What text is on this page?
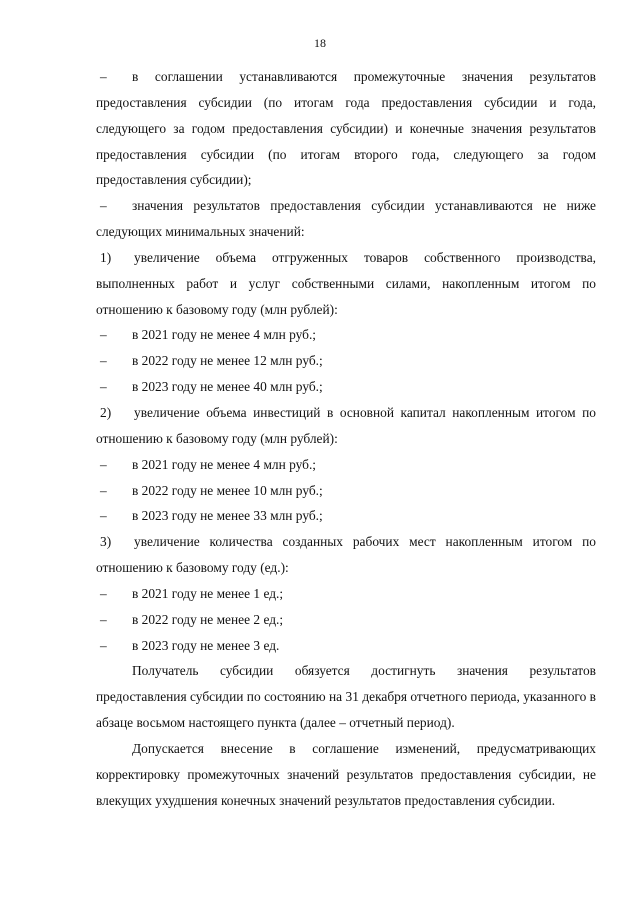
18

– в соглашении устанавливаются промежуточные значения результатов предоставления субсидии (по итогам года предоставления субсидии и года, следующего за годом предоставления субсидии) и конечные значения результатов предоставления субсидии (по итогам второго года, следующего за годом предоставления субсидии);

– значения результатов предоставления субсидии устанавливаются не ниже следующих минимальных значений:

1) увеличение объема отгруженных товаров собственного производства, выполненных работ и услуг собственными силами, накопленным итогом по отношению к базовому году (млн рублей):

– в 2021 году не менее 4 млн руб.;

– в 2022 году не менее 12 млн руб.;

– в 2023 году не менее 40 млн руб.;

2) увеличение объема инвестиций в основной капитал накопленным итогом по отношению к базовому году (млн рублей):

– в 2021 году не менее 4 млн руб.;

– в 2022 году не менее 10 млн руб.;

– в 2023 году не менее 33 млн руб.;

3) увеличение количества созданных рабочих мест накопленным итогом по отношению к базовому году (ед.):

– в 2021 году не менее 1 ед.;

– в 2022 году не менее 2 ед.;

– в 2023 году не менее 3 ед.

Получатель субсидии обязуется достигнуть значения результатов предоставления субсидии по состоянию на 31 декабря отчетного периода, указанного в абзаце восьмом настоящего пункта (далее – отчетный период).

Допускается внесение в соглашение изменений, предусматривающих корректировку промежуточных значений результатов предоставления субсидии, не влекущих ухудшения конечных значений результатов предоставления субсидии.
